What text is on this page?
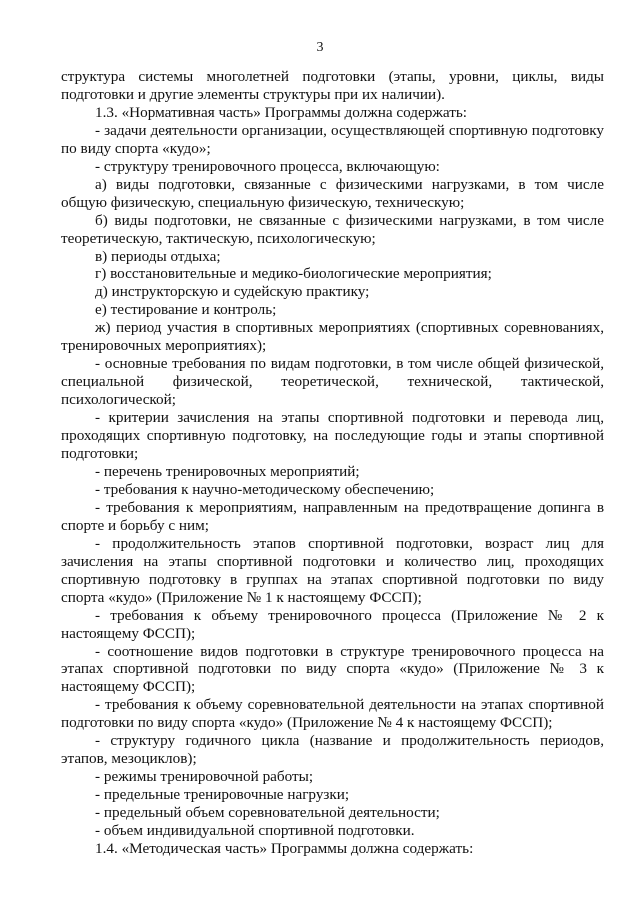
3

структура системы многолетней подготовки (этапы, уровни, циклы, виды подготовки и другие элементы структуры при их наличии).

1.3. «Нормативная часть» Программы должна содержать:

- задачи деятельности организации, осуществляющей спортивную подготовку по виду спорта «кудо»;

- структуру тренировочного процесса, включающую:

а) виды подготовки, связанные с физическими нагрузками, в том числе общую физическую, специальную физическую, техническую;

б) виды подготовки, не связанные с физическими нагрузками, в том числе теоретическую, тактическую, психологическую;

в) периоды отдыха;

г) восстановительные и медико-биологические мероприятия;

д) инструкторскую и судейскую практику;

е) тестирование и контроль;

ж) период участия в спортивных мероприятиях (спортивных соревнованиях, тренировочных мероприятиях);

- основные требования по видам подготовки, в том числе общей физической, специальной физической, теоретической, технической, тактической, психологической;

- критерии зачисления на этапы спортивной подготовки и перевода лиц, проходящих спортивную подготовку, на последующие годы и этапы спортивной подготовки;

- перечень тренировочных мероприятий;

- требования к научно-методическому обеспечению;

- требования к мероприятиям, направленным на предотвращение допинга в спорте и борьбу с ним;

- продолжительность этапов спортивной подготовки, возраст лиц для зачисления на этапы спортивной подготовки и количество лиц, проходящих спортивную подготовку в группах на этапах спортивной подготовки по виду спорта «кудо» (Приложение № 1 к настоящему ФССП);

- требования к объему тренировочного процесса (Приложение № 2 к настоящему ФССП);

- соотношение видов подготовки в структуре тренировочного процесса на этапах спортивной подготовки по виду спорта «кудо» (Приложение № 3 к настоящему ФССП);

- требования к объему соревновательной деятельности на этапах спортивной подготовки по виду спорта «кудо» (Приложение № 4 к настоящему ФССП);

- структуру годичного цикла (название и продолжительность периодов, этапов, мезоциклов);

- режимы тренировочной работы;

- предельные тренировочные нагрузки;

- предельный объем соревновательной деятельности;

- объем индивидуальной спортивной подготовки.

1.4. «Методическая часть» Программы должна содержать:
